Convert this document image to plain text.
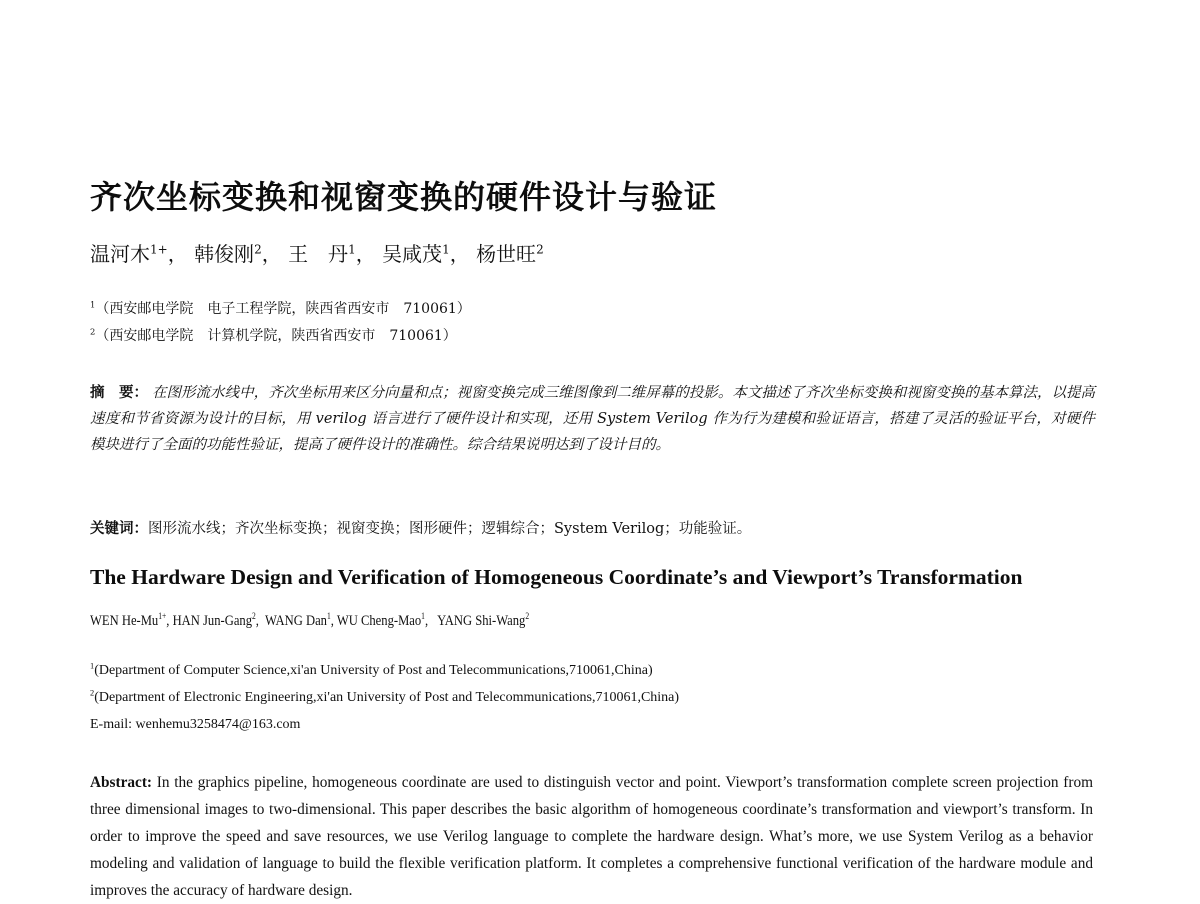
齐次坐标变换和视窗变换的硬件设计与验证
温河木$^{1+}$， 韩俊刚$^2$， 王　丹$^1$， 吴咸茂$^1$， 杨世旺$^2$
$^1$（西安邮电学院　电子工程学院，陕西省西安市　710061）
$^2$（西安邮电学院　计算机学院，陕西省西安市　710061）
摘　要： 在图形流水线中，齐次坐标用来区分向量和点；视窗变换完成三维图像到二维屏幕的投影。本文描述了齐次坐标变换和视窗变换的基本算法，以提高速度和节省资源为设计的目标，用 verilog 语言进行了硬件设计和实现，还用 System Verilog 作为行为建模和验证语言，搭建了灵活的验证平台，对硬件模块进行了全面的功能性验证，提高了硬件设计的准确性。综合结果说明达到了设计目的。
关键词：图形流水线；齐次坐标变换；视窗变换；图形硬件；逻辑综合；System Verilog；功能验证。
The Hardware Design and Verification of Homogeneous Coordinate’s and Viewport’s Transformation
WEN $He-Mu^{1+}$, HAN Jun-Gang$^2$,  WANG Dan$^1$, WU Cheng-Mao$^1$,   YANG Shi-Wang$^2$
$^1$(Department of Computer Science,xi'an University of Post and Telecommunications,710061,China)
$^2$(Department of Electronic Engineering,xi'an University of Post and Telecommunications,710061,China)
E-mail: wenhemu3258474@163.com
Abstract: In the graphics pipeline, homogeneous coordinate are used to distinguish vector and point. Viewport’s transformation complete screen projection from three dimensional images to two-dimensional. This paper describes the basic algorithm of homogeneous coordinate’s transformation and viewport’s transform. In order to improve the speed and save resources, we use Verilog language to complete the hardware design. What’s more, we use System Verilog as a behavior modeling and validation of language to build the flexible verification platform. It completes a comprehensive functional verification of the hardware module and improves the accuracy of hardware design.
